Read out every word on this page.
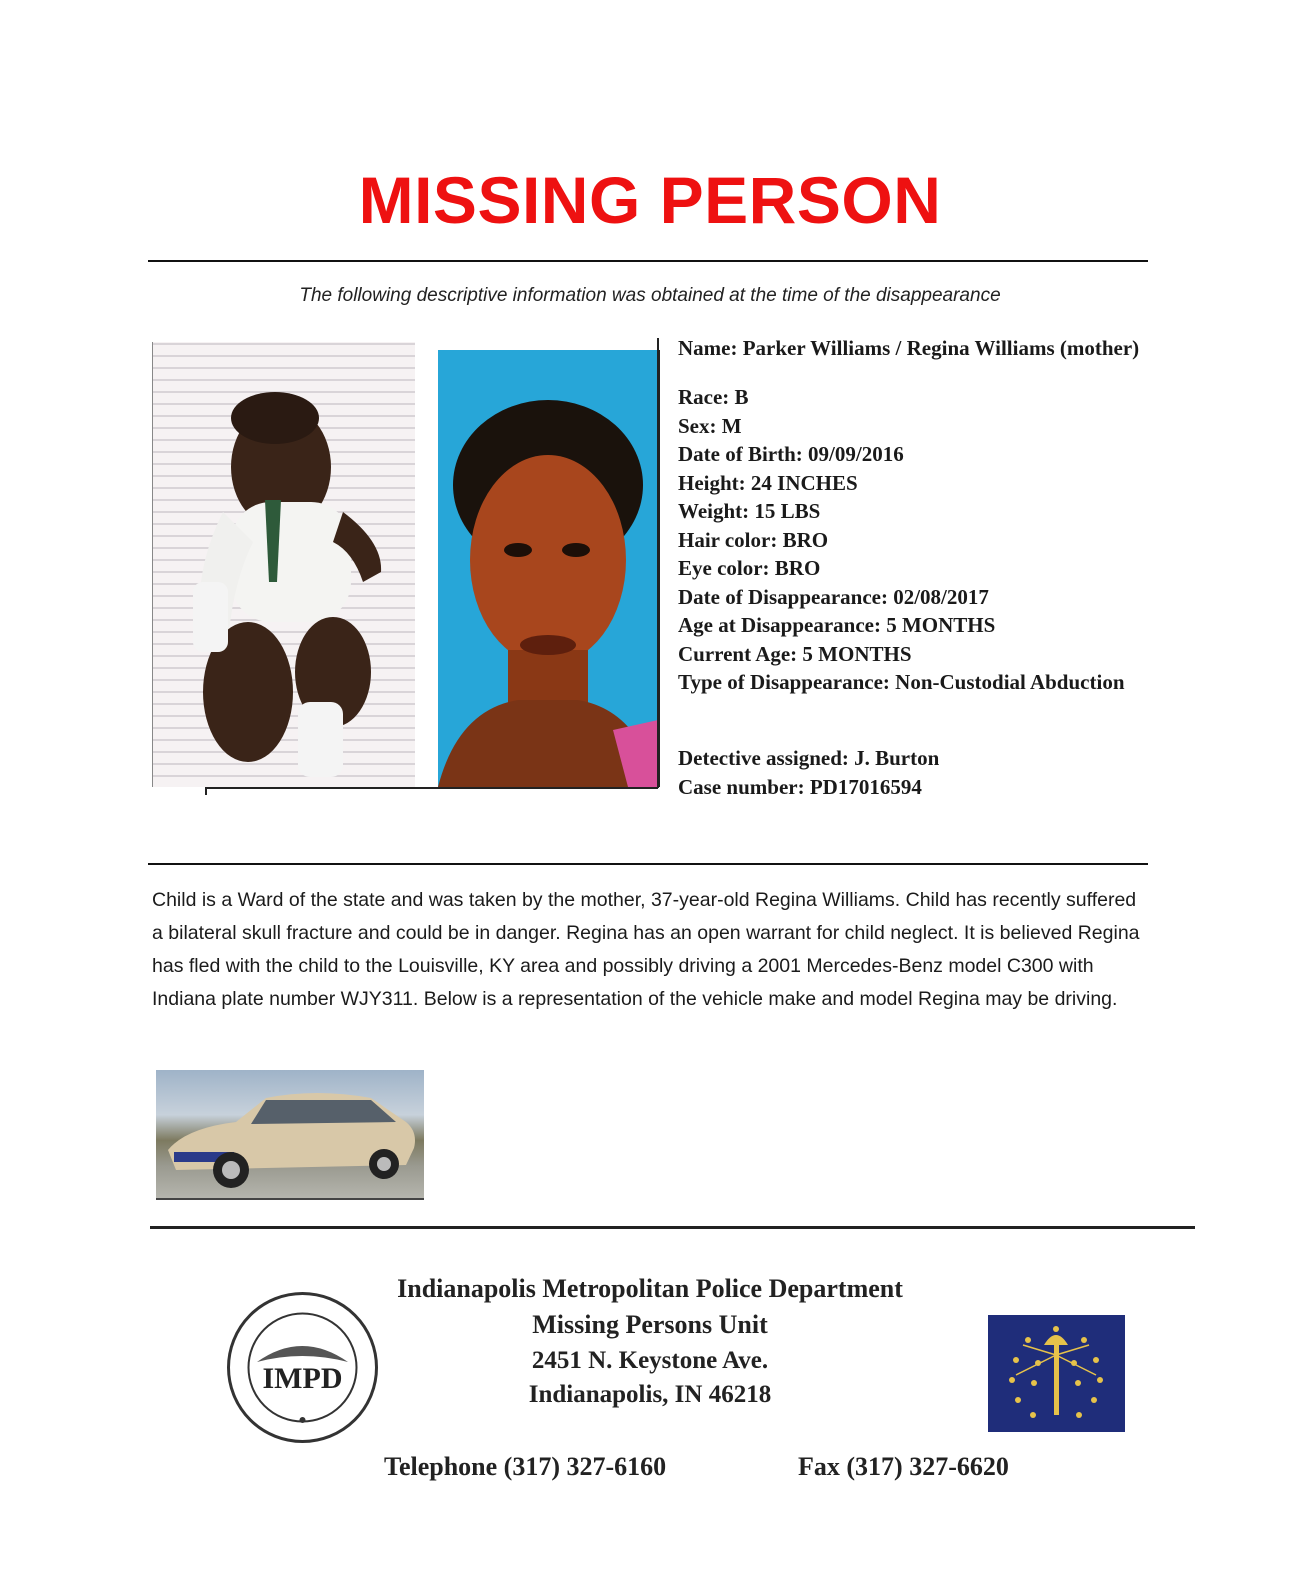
MISSING PERSON
The following descriptive information was obtained at the time of the disappearance
Name: Parker Williams / Regina Williams (mother)
Race: B
Sex: M
Date of Birth: 09/09/2016
Height: 24 INCHES
Weight: 15 LBS
Hair color: BRO
Eye color: BRO
Date of Disappearance: 02/08/2017
Age at Disappearance: 5 MONTHS
Current Age: 5 MONTHS
Type of Disappearance: Non-Custodial Abduction
Detective assigned: J. Burton
Case number: PD17016594
Child is a Ward of the state and was taken by the mother, 37-year-old Regina Williams. Child has recently suffered a bilateral skull fracture and could be in danger. Regina has an open warrant for child neglect. It is believed Regina has fled with the child to the Louisville, KY area and possibly driving a 2001 Mercedes-Benz model C300 with Indiana plate number WJY311. Below is a representation of the vehicle make and model Regina may be driving.
IMPD
Indianapolis Metropolitan Police Department
Missing Persons Unit
2451 N. Keystone Ave.
Indianapolis, IN 46218
Telephone (317) 327-6160	Fax (317) 327-6620
